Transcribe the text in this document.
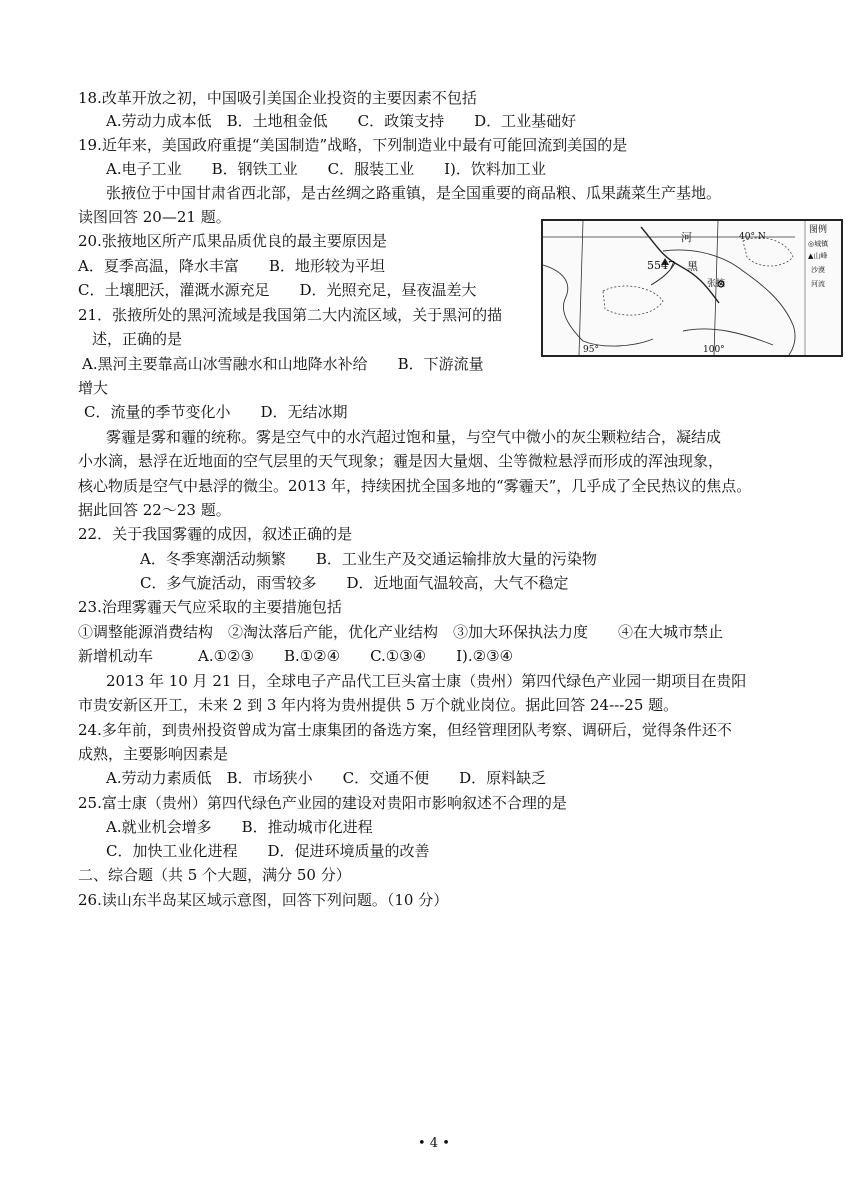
18.改革开放之初，中国吸引美国企业投资的主要因素不包括
A.劳动力成本低　B．土地租金低　　C．政策支持　　D．工业基础好
19.近年来，美国政府重提“美国制造”战略，下列制造业中最有可能回流到美国的是
A.电子工业　　B．钢铁工业　　C．服装工业　　I)．饮料加工业
张掖位于中国甘肃省西北部，是古丝绸之路重镇，是全国重要的商品粮、瓜果蔬菜生产基地。
读图回答 20—21 题。
20.张掖地区所产瓜果品质优良的最主要原因是
A．夏季高温，降水丰富　　B．地形较为平坦
C．土壤肥沃，灌溉水源充足　　D．光照充足，昼夜温差大
21．张掖所处的黑河流域是我国第二大内流区域，关于黑河的描
述，正确的是
A.黑河主要靠高山冰雪融水和山地降水补给　　B．下游流量
增大
C．流量的季节变化小　　D．无结冰期
雾霾是雾和霾的统称。雾是空气中的水汽超过饱和量，与空气中微小的灰尘颗粒结合，凝结成
小水滴，悬浮在近地面的空气层里的天气现象；霾是因大量烟、尘等微粒悬浮而形成的浑浊现象，
核心物质是空气中悬浮的微尘。2013 年，持续困扰全国多地的“雾霾天”，几乎成了全民热议的焦点。
据此回答 22～23 题。
22．关于我国雾霾的成因，叙述正确的是
A．冬季寒潮活动频繁　　B．工业生产及交通运输排放大量的污染物
C．多气旋活动，雨雪较多　　D．近地面气温较高，大气不稳定
23.治理雾霾天气应采取的主要措施包括
①调整能源消费结构　②淘汰落后产能，优化产业结构　③加大环保执法力度　　④在大城市禁止
新增机动车　　　A.①②③　　B.①②④　　C.①③④　　I).②③④
2013 年 10 月 21 日，全球电子产品代工巨头富士康（贵州）第四代绿色产业园一期项目在贵阳
市贵安新区开工，未来 2 到 3 年内将为贵州提供 5 万个就业岗位。据此回答 24---25 题。
24.多年前，到贵州投资曾成为富士康集团的备选方案，但经管理团队考察、调研后，觉得条件还不
成熟，主要影响因素是
A.劳动力素质低　B．市场狭小　　C．交通不便　　D．原料缺乏
25.富士康（贵州）第四代绿色产业园的建设对贵阳市影响叙述不合理的是
A.就业机会增多　　B．推动城市化进程
C．加快工业化进程　　D．促进环境质量的改善
二、综合题（共 5 个大题，满分 50 分）
26.读山东半岛某区域示意图，回答下列问题。（10 分）
40° N
5547
河
黑
张掖
95°	100°
图例
◎城镇
▲山峰
沙漠
河流
• 4 •
